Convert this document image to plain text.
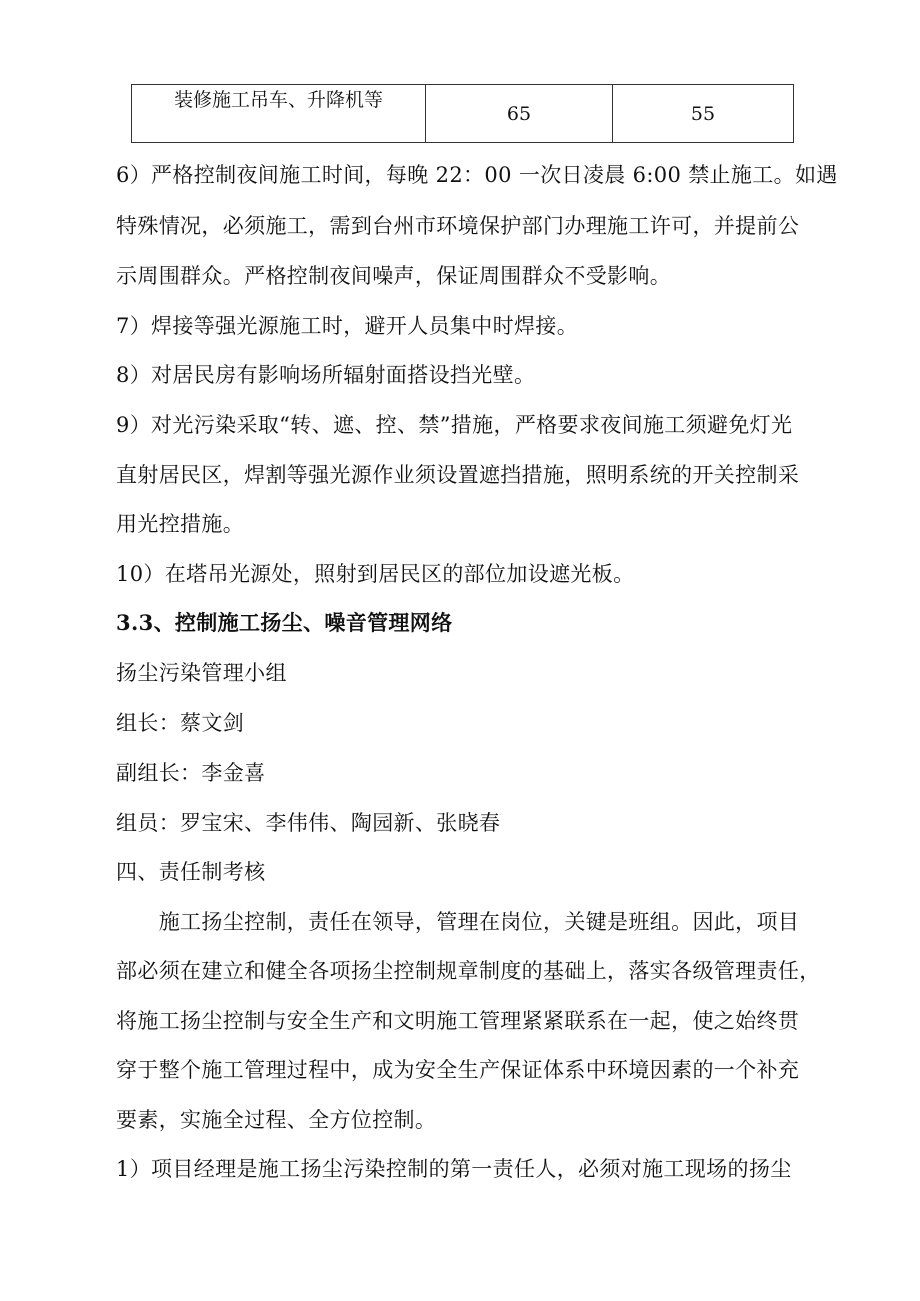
装修施工吊车、升降机等	65	55
6）严格控制夜间施工时间，每晚 22：00 一次日凌晨 6:00 禁止施工。如遇
特殊情况，必须施工，需到台州市环境保护部门办理施工许可，并提前公
示周围群众。严格控制夜间噪声，保证周围群众不受影响。
7）焊接等强光源施工时，避开人员集中时焊接。
8）对居民房有影响场所辐射面搭设挡光壁。
9）对光污染采取“转、遮、控、禁”措施，严格要求夜间施工须避免灯光
直射居民区，焊割等强光源作业须设置遮挡措施，照明系统的开关控制采
用光控措施。
10）在塔吊光源处，照射到居民区的部位加设遮光板。
3.3、控制施工扬尘、噪音管理网络
扬尘污染管理小组
组长：蔡文剑
副组长：李金喜
组员：罗宝宋、李伟伟、陶园新、张晓春
四、责任制考核
　　施工扬尘控制，责任在领导，管理在岗位，关键是班组。因此，项目
部必须在建立和健全各项扬尘控制规章制度的基础上，落实各级管理责任，
将施工扬尘控制与安全生产和文明施工管理紧紧联系在一起，使之始终贯
穿于整个施工管理过程中，成为安全生产保证体系中环境因素的一个补充
要素，实施全过程、全方位控制。
1）项目经理是施工扬尘污染控制的第一责任人，必须对施工现场的扬尘
